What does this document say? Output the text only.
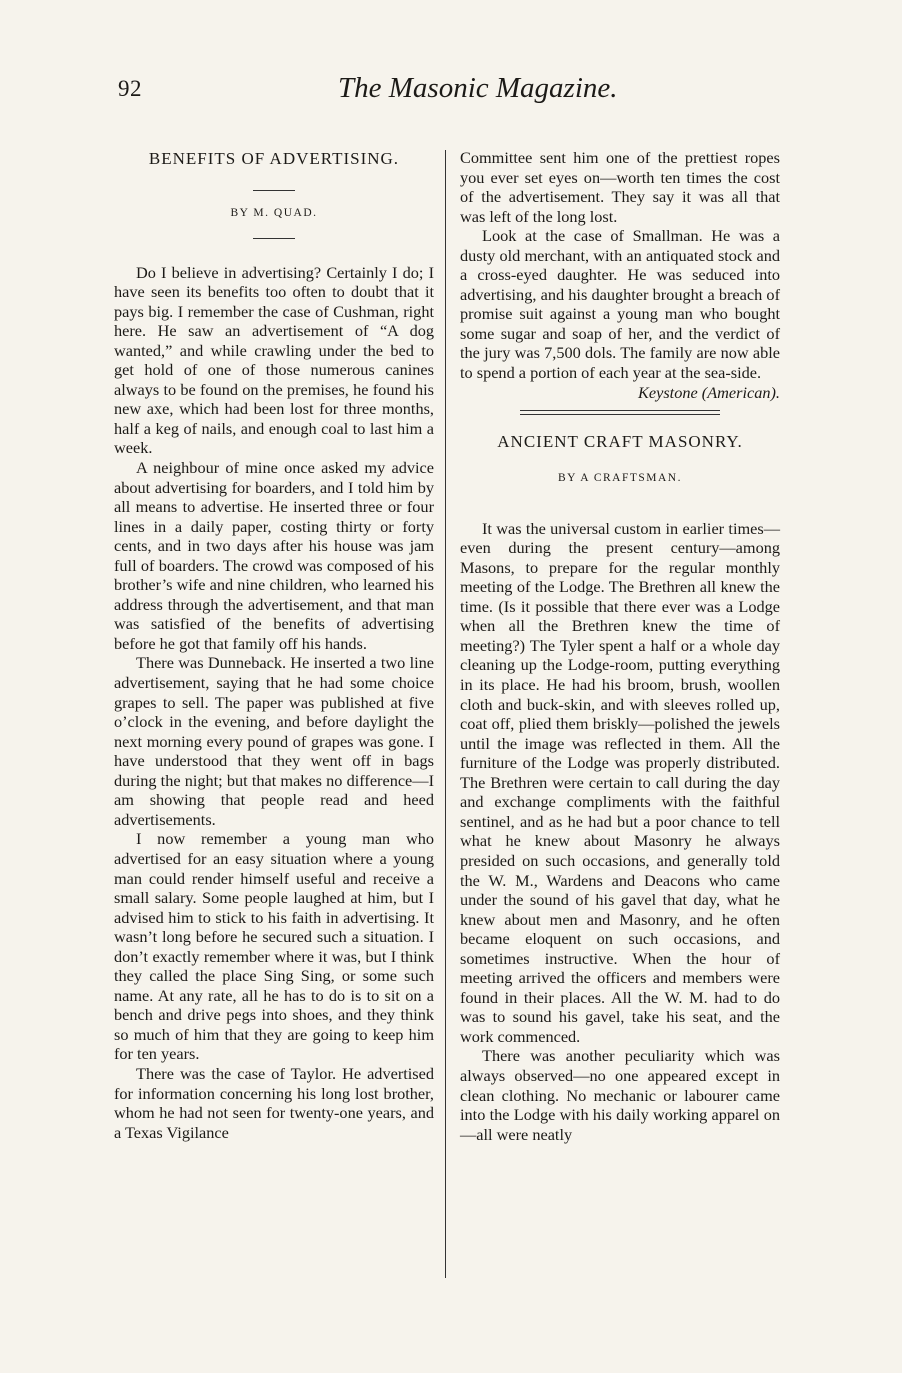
92	The Masonic Magazine.
BENEFITS OF ADVERTISING.

BY M. QUAD.

Do I believe in advertising? Certainly I do; I have seen its benefits too often to doubt that it pays big. I remember the case of Cushman, right here. He saw an advertisement of “A dog wanted,” and while crawling under the bed to get hold of one of those numerous canines always to be found on the premises, he found his new axe, which had been lost for three months, half a keg of nails, and enough coal to last him a week.

A neighbour of mine once asked my advice about advertising for boarders, and I told him by all means to advertise. He inserted three or four lines in a daily paper, costing thirty or forty cents, and in two days after his house was jam full of boarders. The crowd was composed of his brother’s wife and nine children, who learned his address through the advertisement, and that man was satisfied of the benefits of advertising before he got that family off his hands.

There was Dunneback. He inserted a two line advertisement, saying that he had some choice grapes to sell. The paper was published at five o’clock in the evening, and before daylight the next morning every pound of grapes was gone. I have understood that they went off in bags during the night; but that makes no difference—I am showing that people read and heed advertisements.

I now remember a young man who advertised for an easy situation where a young man could render himself useful and receive a small salary. Some people laughed at him, but I advised him to stick to his faith in advertising. It wasn’t long before he secured such a situation. I don’t exactly remember where it was, but I think they called the place Sing Sing, or some such name. At any rate, all he has to do is to sit on a bench and drive pegs into shoes, and they think so much of him that they are going to keep him for ten years.

There was the case of Taylor. He advertised for information concerning his long lost brother, whom he had not seen for twenty-one years, and a Texas Vigilance

Committee sent him one of the prettiest ropes you ever set eyes on—worth ten times the cost of the advertisement. They say it was all that was left of the long lost.

Look at the case of Smallman. He was a dusty old merchant, with an antiquated stock and a cross-eyed daughter. He was seduced into advertising, and his daughter brought a breach of promise suit against a young man who bought some sugar and soap of her, and the verdict of the jury was 7,500 dols. The family are now able to spend a portion of each year at the sea-side.

Keystone (American).
ANCIENT CRAFT MASONRY.

BY A CRAFTSMAN.

It was the universal custom in earlier times—even during the present century—among Masons, to prepare for the regular monthly meeting of the Lodge. The Brethren all knew the time. (Is it possible that there ever was a Lodge when all the Brethren knew the time of meeting?) The Tyler spent a half or a whole day cleaning up the Lodge-room, putting everything in its place. He had his broom, brush, woollen cloth and buck-skin, and with sleeves rolled up, coat off, plied them briskly—polished the jewels until the image was reflected in them. All the furniture of the Lodge was properly distributed. The Brethren were certain to call during the day and exchange compliments with the faithful sentinel, and as he had but a poor chance to tell what he knew about Masonry he always presided on such occasions, and generally told the W. M., Wardens and Deacons who came under the sound of his gavel that day, what he knew about men and Masonry, and he often became eloquent on such occasions, and sometimes instructive. When the hour of meeting arrived the officers and members were found in their places. All the W. M. had to do was to sound his gavel, take his seat, and the work commenced.

There was another peculiarity which was always observed—no one appeared except in clean clothing. No mechanic or labourer came into the Lodge with his daily working apparel on—all were neatly
